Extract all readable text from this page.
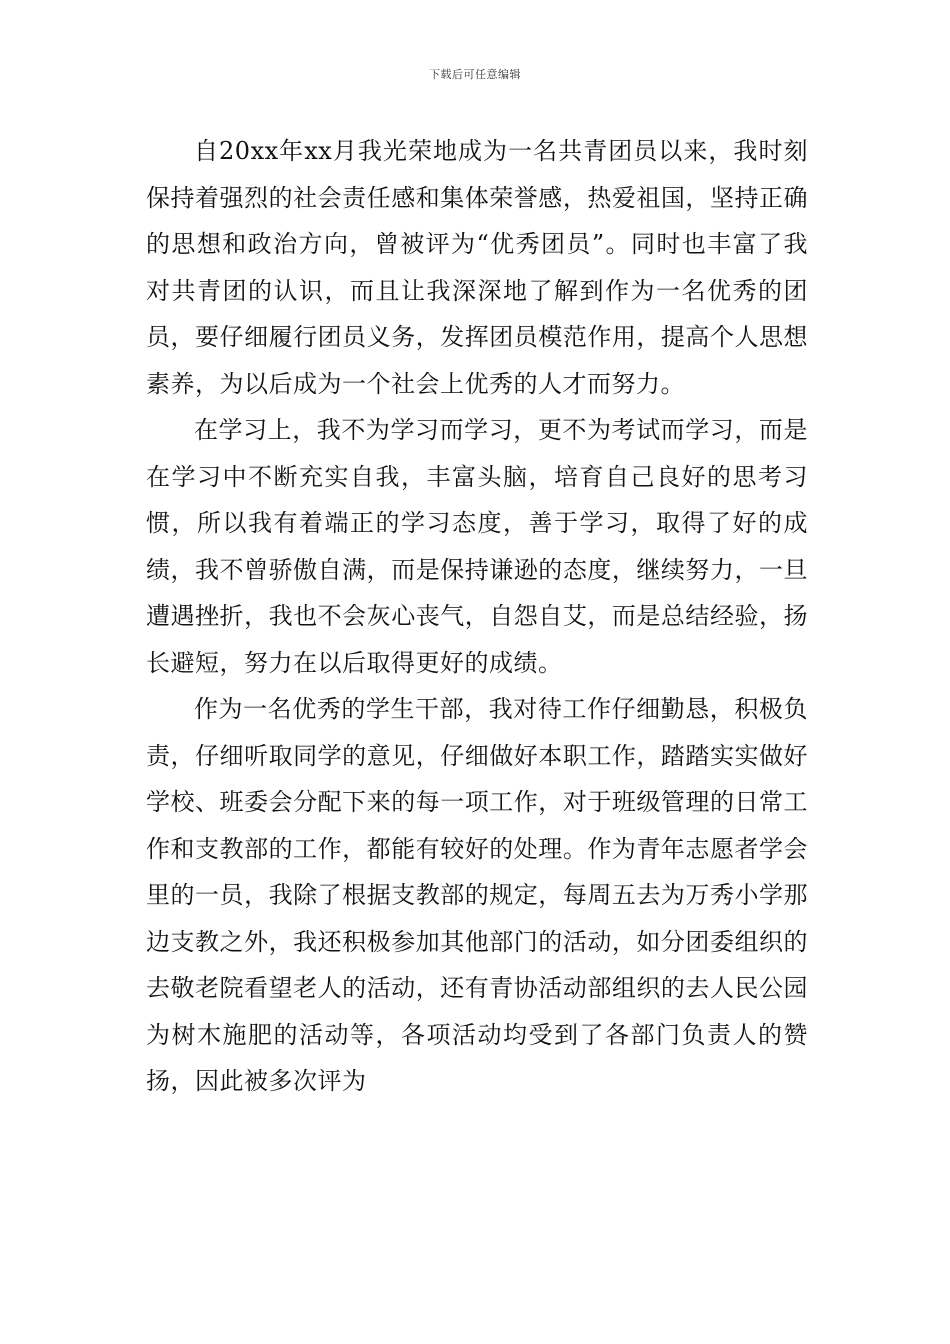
下载后可任意编辑

自20xx年xx月我光荣地成为一名共青团员以来，我时刻保持着强烈的社会责任感和集体荣誉感，热爱祖国，坚持正确的思想和政治方向，曾被评为“优秀团员”。同时也丰富了我对共青团的认识，而且让我深深地了解到作为一名优秀的团员，要仔细履行团员义务，发挥团员模范作用，提高个人思想素养，为以后成为一个社会上优秀的人才而努力。

在学习上，我不为学习而学习，更不为考试而学习，而是在学习中不断充实自我，丰富头脑，培育自己良好的思考习惯，所以我有着端正的学习态度，善于学习，取得了好的成绩，我不曾骄傲自满，而是保持谦逊的态度，继续努力，一旦遭遇挫折，我也不会灰心丧气，自怨自艾，而是总结经验，扬长避短，努力在以后取得更好的成绩。

作为一名优秀的学生干部，我对待工作仔细勤恳，积极负责，仔细听取同学的意见，仔细做好本职工作，踏踏实实做好学校、班委会分配下来的每一项工作，对于班级管理的日常工作和支教部的工作，都能有较好的处理。作为青年志愿者学会里的一员，我除了根据支教部的规定，每周五去为万秀小学那边支教之外，我还积极参加其他部门的活动，如分团委组织的去敬老院看望老人的活动，还有青协活动部组织的去人民公园为树木施肥的活动等，各项活动均受到了各部门负责人的赞扬，因此被多次评为
